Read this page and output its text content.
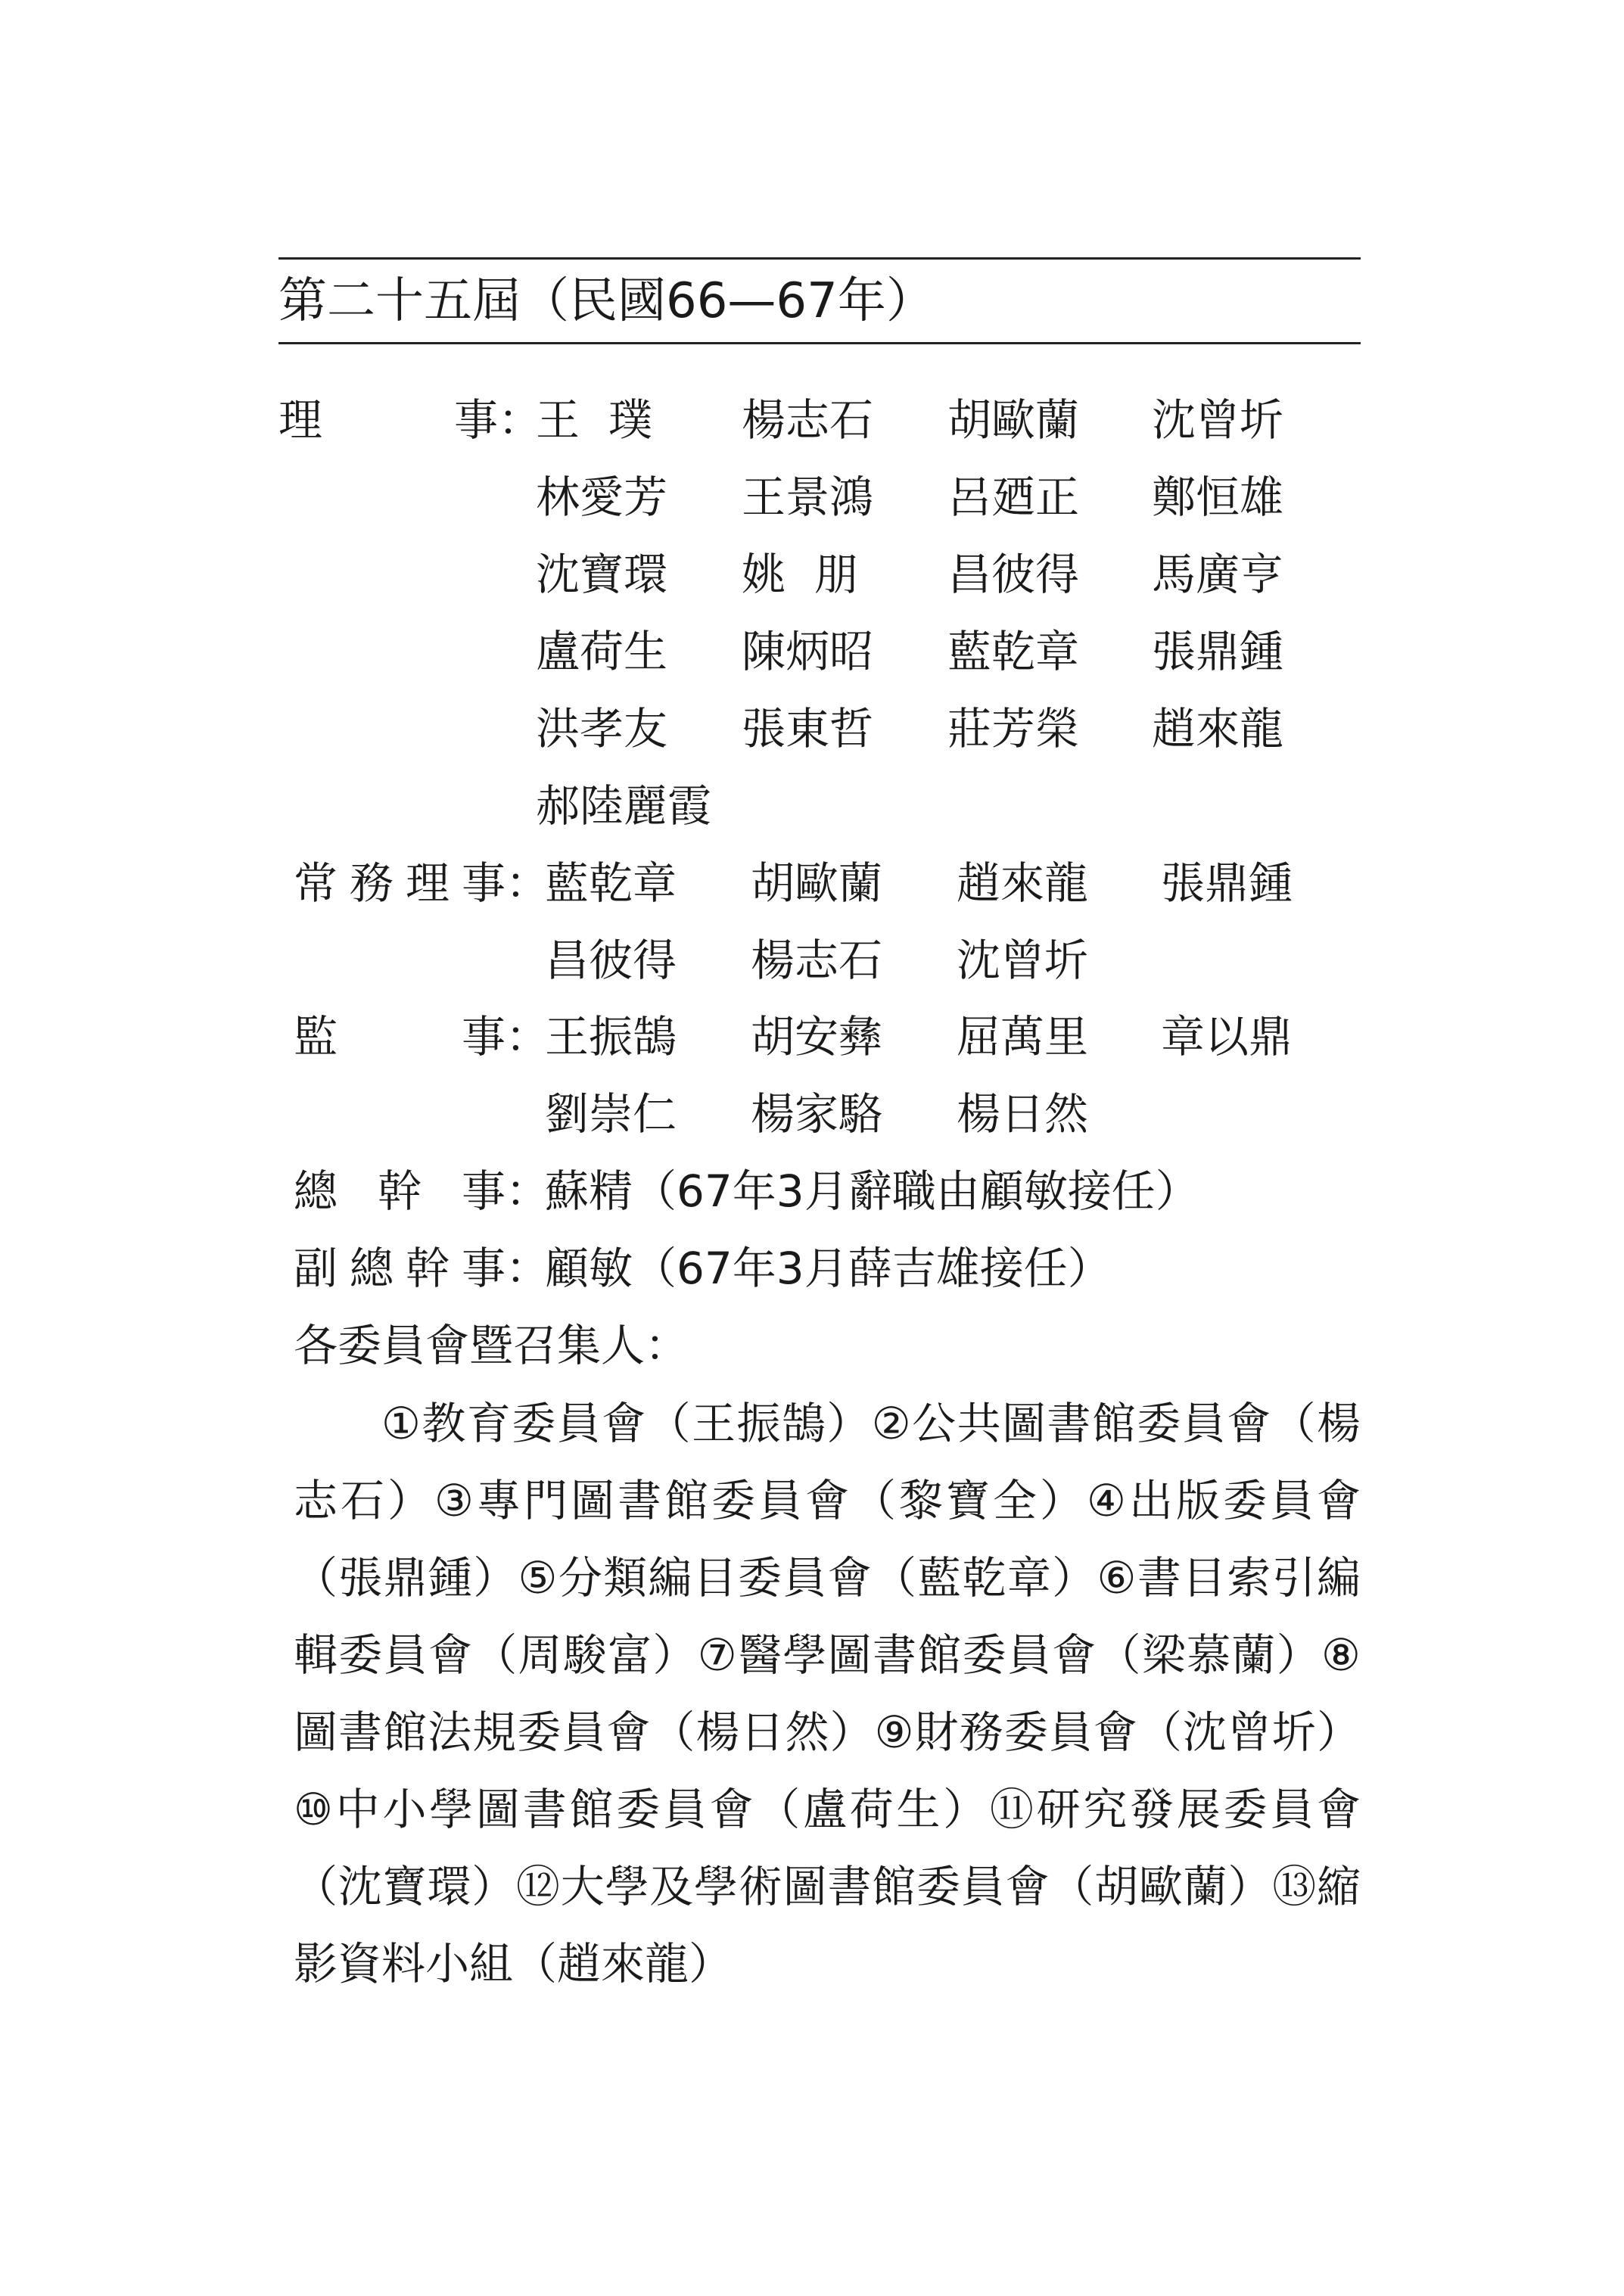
第二十五屆（民國66—67年）
理	事 ：
王璞	楊志石	胡歐蘭	沈曾圻
林愛芳	王景鴻	呂廼正	鄭恒雄
沈寶環	姚朋	昌彼得	馬廣亨
盧荷生	陳炳昭	藍乾章	張鼎鍾
洪孝友	張東哲	莊芳榮	趙來龍
郝陸麗霞
常 務 理 事 ：
藍乾章	胡歐蘭	趙來龍	張鼎鍾
昌彼得	楊志石	沈曾圻
監	事 ：
王振鵠	胡安彝	屈萬里	章以鼎
劉崇仁	楊家駱	楊日然
總 幹 事 ：
蘇精（67年3月辭職由顧敏接任）
副 總 幹 事 ：
顧敏（67年3月薛吉雄接任）
各委員會暨召集人：
①教育委員會（王振鵠）②公共圖書館委員會（楊志石）③專門圖書館委員會（黎寶全）④出版委員會（張鼎鍾）⑤分類編目委員會（藍乾章）⑥書目索引編輯委員會（周駿富）⑦醫學圖書館委員會（梁慕蘭）⑧圖書館法規委員會（楊日然）⑨財務委員會（沈曾圻）⑩中小學圖書館委員會（盧荷生）⑪研究發展委員會（沈寶環）⑫大學及學術圖書館委員會（胡歐蘭）⑬縮影資料小組（趙來龍）
